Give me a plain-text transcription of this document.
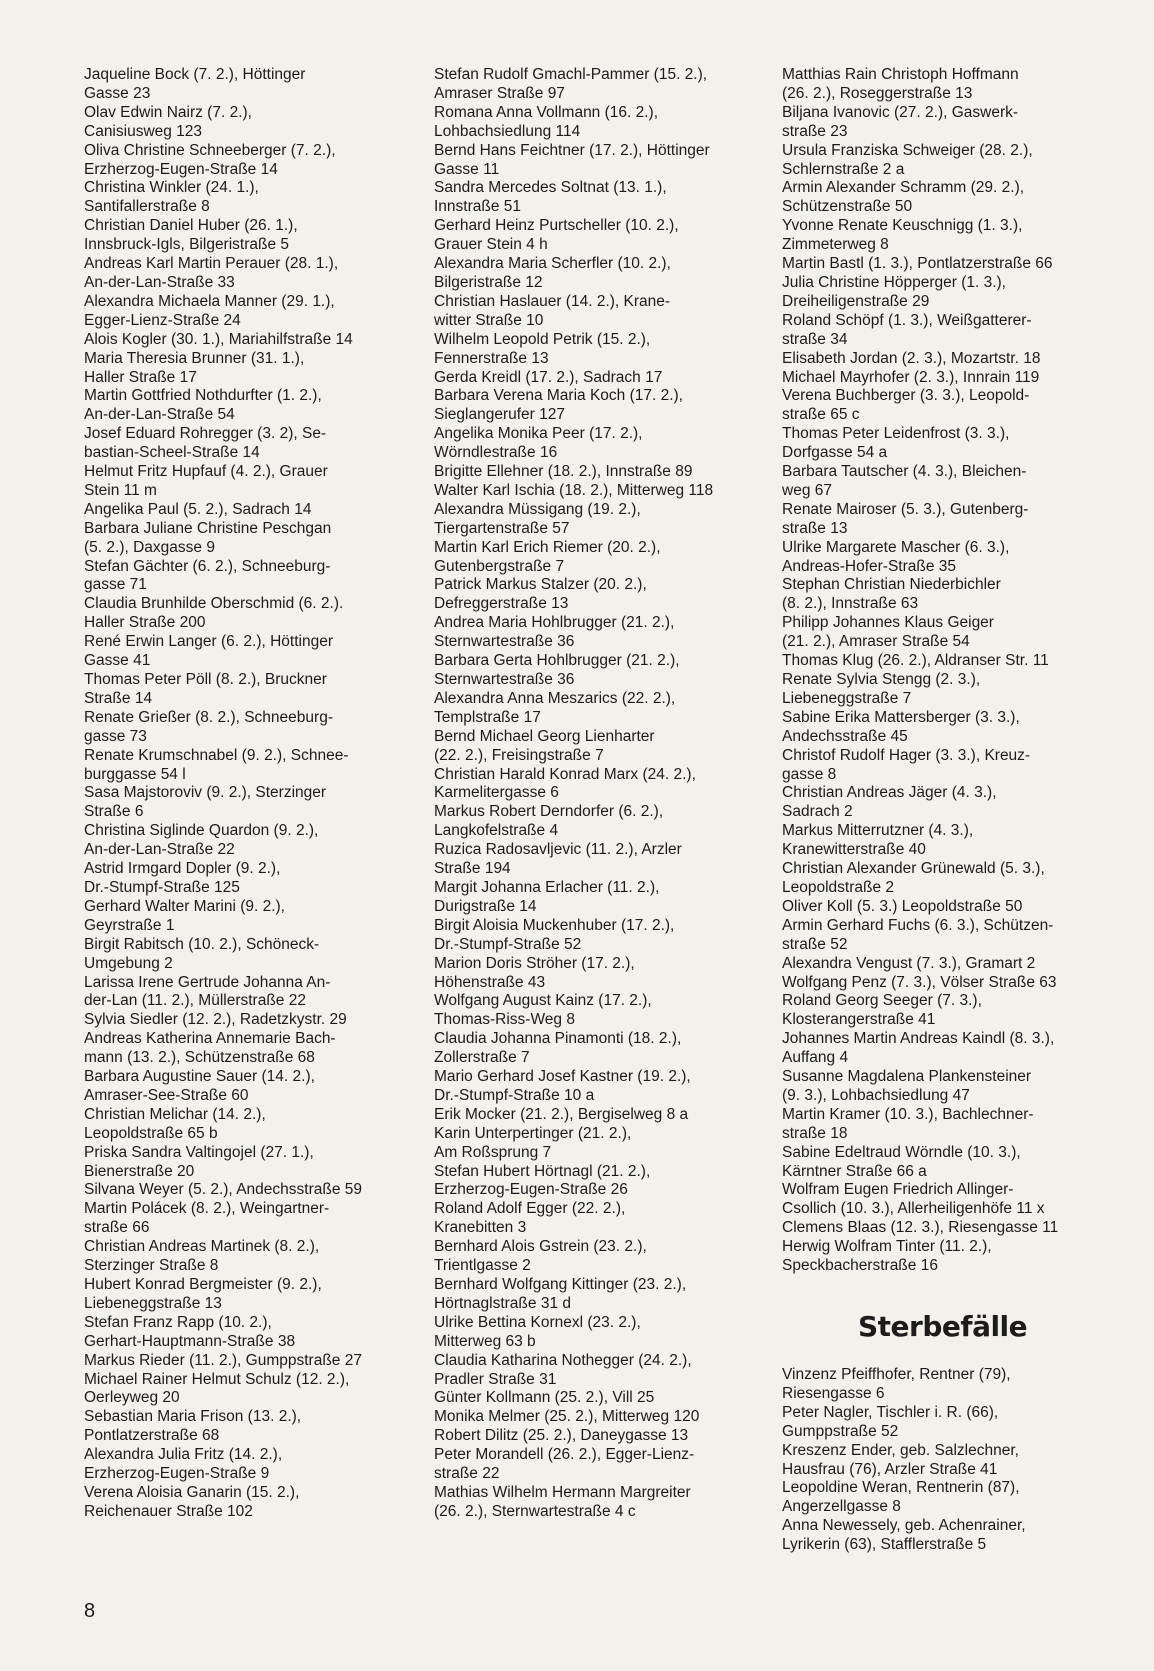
Jaqueline Bock (7. 2.), Höttinger
Gasse 23
Olav Edwin Nairz (7. 2.),
Canisiusweg 123
Oliva Christine Schneeberger (7. 2.),
Erzherzog-Eugen-Straße 14
Christina Winkler (24. 1.),
Santifallerstraße 8
Christian Daniel Huber (26. 1.),
Innsbruck-Igls, Bilgeristraße 5
Andreas Karl Martin Perauer (28. 1.),
An-der-Lan-Straße 33
Alexandra Michaela Manner (29. 1.),
Egger-Lienz-Straße 24
Alois Kogler (30. 1.), Mariahilfstraße 14
Maria Theresia Brunner (31. 1.),
Haller Straße 17
Martin Gottfried Nothdurfter (1. 2.),
An-der-Lan-Straße 54
Josef Eduard Rohregger (3. 2), Se-
bastian-Scheel-Straße 14
Helmut Fritz Hupfauf (4. 2.), Grauer
Stein 11 m
Angelika Paul (5. 2.), Sadrach 14
Barbara Juliane Christine Peschgan
(5. 2.), Daxgasse 9
Stefan Gächter (6. 2.), Schneeburg-
gasse 71
Claudia Brunhilde Oberschmid (6. 2.).
Haller Straße 200
René Erwin Langer (6. 2.), Höttinger
Gasse 41
Thomas Peter Pöll (8. 2.), Bruckner
Straße 14
Renate Grießer (8. 2.), Schneeburg-
gasse 73
Renate Krumschnabel (9. 2.), Schnee-
burggasse 54 l
Sasa Majstoroviv (9. 2.), Sterzinger
Straße 6
Christina Siglinde Quardon (9. 2.),
An-der-Lan-Straße 22
Astrid Irmgard Dopler (9. 2.),
Dr.-Stumpf-Straße 125
Gerhard Walter Marini (9. 2.),
Geyrstraße 1
Birgit Rabitsch (10. 2.), Schöneck-
Umgebung 2
Larissa Irene Gertrude Johanna An-
der-Lan (11. 2.), Müllerstraße 22
Sylvia Siedler (12. 2.), Radetzkystr. 29
Andreas Katherina Annemarie Bach-
mann (13. 2.), Schützenstraße 68
Barbara Augustine Sauer (14. 2.),
Amraser-See-Straße 60
Christian Melichar (14. 2.),
Leopoldstraße 65 b
Priska Sandra Valtingojel (27. 1.),
Bienerstraße 20
Silvana Weyer (5. 2.), Andechsstraße 59
Martin Polácek (8. 2.), Weingartner-
straße 66
Christian Andreas Martinek (8. 2.),
Sterzinger Straße 8
Hubert Konrad Bergmeister (9. 2.),
Liebeneggstraße 13
Stefan Franz Rapp (10. 2.),
Gerhart-Hauptmann-Straße 38
Markus Rieder (11. 2.), Gumppstraße 27
Michael Rainer Helmut Schulz (12. 2.),
Oerleyweg 20
Sebastian Maria Frison (13. 2.),
Pontlatzerstraße 68
Alexandra Julia Fritz (14. 2.),
Erzherzog-Eugen-Straße 9
Verena Aloisia Ganarin (15. 2.),
Reichenauer Straße 102
Stefan Rudolf Gmachl-Pammer (15. 2.),
Amraser Straße 97
Romana Anna Vollmann (16. 2.),
Lohbachsiedlung 114
Bernd Hans Feichtner (17. 2.), Höttinger
Gasse 11
Sandra Mercedes Soltnat (13. 1.),
Innstraße 51
Gerhard Heinz Purtscheller (10. 2.),
Grauer Stein 4 h
Alexandra Maria Scherfler (10. 2.),
Bilgeristraße 12
Christian Haslauer (14. 2.), Krane-
witter Straße 10
Wilhelm Leopold Petrik (15. 2.),
Fennerstraße 13
Gerda Kreidl (17. 2.), Sadrach 17
Barbara Verena Maria Koch (17. 2.),
Sieglangerufer 127
Angelika Monika Peer (17. 2.),
Wörndlestraße 16
Brigitte Ellehner (18. 2.), Innstraße 89
Walter Karl Ischia (18. 2.), Mitterweg 118
Alexandra Müssigang (19. 2.),
Tiergartenstraße 57
Martin Karl Erich Riemer (20. 2.),
Gutenbergstraße 7
Patrick Markus Stalzer (20. 2.),
Defreggerstraße 13
Andrea Maria Hohlbrugger (21. 2.),
Sternwartestraße 36
Barbara Gerta Hohlbrugger (21. 2.),
Sternwartestraße 36
Alexandra Anna Meszarics (22. 2.),
Templstraße 17
Bernd Michael Georg Lienharter
(22. 2.), Freisingstraße 7
Christian Harald Konrad Marx (24. 2.),
Karmelitergasse 6
Markus Robert Derndorfer (6. 2.),
Langkofelstraße 4
Ruzica Radosavljevic (11. 2.), Arzler
Straße 194
Margit Johanna Erlacher (11. 2.),
Durigstraße 14
Birgit Aloisia Muckenhuber (17. 2.),
Dr.-Stumpf-Straße 52
Marion Doris Ströher (17. 2.),
Höhenstraße 43
Wolfgang August Kainz (17. 2.),
Thomas-Riss-Weg 8
Claudia Johanna Pinamonti (18. 2.),
Zollerstraße 7
Mario Gerhard Josef Kastner (19. 2.),
Dr.-Stumpf-Straße 10 a
Erik Mocker (21. 2.), Bergiselweg 8 a
Karin Unterpertinger (21. 2.),
Am Roßsprung 7
Stefan Hubert Hörtnagl (21. 2.),
Erzherzog-Eugen-Straße 26
Roland Adolf Egger (22. 2.),
Kranebitten 3
Bernhard Alois Gstrein (23. 2.),
Trientlgasse 2
Bernhard Wolfgang Kittinger (23. 2.),
Hörtnaglstraße 31 d
Ulrike Bettina Kornexl (23. 2.),
Mitterweg 63 b
Claudia Katharina Nothegger (24. 2.),
Pradler Straße 31
Günter Kollmann (25. 2.), Vill 25
Monika Melmer (25. 2.), Mitterweg 120
Robert Dilitz (25. 2.), Daneygasse 13
Peter Morandell (26. 2.), Egger-Lienz-
straße 22
Mathias Wilhelm Hermann Margreiter
(26. 2.), Sternwartestraße 4 c
Matthias Rain Christoph Hoffmann
(26. 2.), Roseggerstraße 13
Biljana Ivanovic (27. 2.), Gaswerk-
straße 23
Ursula Franziska Schweiger (28. 2.),
Schlernstraße 2 a
Armin Alexander Schramm (29. 2.),
Schützenstraße 50
Yvonne Renate Keuschnigg (1. 3.),
Zimmeterweg 8
Martin Bastl (1. 3.), Pontlatzerstraße 66
Julia Christine Höpperger (1. 3.),
Dreiheiligenstraße 29
Roland Schöpf (1. 3.), Weißgatterer-
straße 34
Elisabeth Jordan (2. 3.), Mozartstr. 18
Michael Mayrhofer (2. 3.), Innrain 119
Verena Buchberger (3. 3.), Leopold-
straße 65 c
Thomas Peter Leidenfrost (3. 3.),
Dorfgasse 54 a
Barbara Tautscher (4. 3.), Bleichen-
weg 67
Renate Mairoser (5. 3.), Gutenberg-
straße 13
Ulrike Margarete Mascher (6. 3.),
Andreas-Hofer-Straße 35
Stephan Christian Niederbichler
(8. 2.), Innstraße 63
Philipp Johannes Klaus Geiger
(21. 2.), Amraser Straße 54
Thomas Klug (26. 2.), Aldranser Str. 11
Renate Sylvia Stengg (2. 3.),
Liebeneggstraße 7
Sabine Erika Mattersberger (3. 3.),
Andechsstraße 45
Christof Rudolf Hager (3. 3.), Kreuz-
gasse 8
Christian Andreas Jäger (4. 3.),
Sadrach 2
Markus Mitterrutzner (4. 3.),
Kranewitterstraße 40
Christian Alexander Grünewald (5. 3.),
Leopoldstraße 2
Oliver Koll (5. 3.) Leopoldstraße 50
Armin Gerhard Fuchs (6. 3.), Schützen-
straße 52
Alexandra Vengust (7. 3.), Gramart 2
Wolfgang Penz (7. 3.), Völser Straße 63
Roland Georg Seeger (7. 3.),
Klosterangerstraße 41
Johannes Martin Andreas Kaindl (8. 3.),
Auffang 4
Susanne Magdalena Plankensteiner
(9. 3.), Lohbachsiedlung 47
Martin Kramer (10. 3.), Bachlechner-
straße 18
Sabine Edeltraud Wörndle (10. 3.),
Kärntner Straße 66 a
Wolfram Eugen Friedrich Allinger-
Csollich (10. 3.), Allerheiligenhöfe 11 x
Clemens Blaas (12. 3.), Riesengasse 11
Herwig Wolfram Tinter (11. 2.),
Speckbacherstraße 16
Sterbefälle
Vinzenz Pfeiffhofer, Rentner (79),
Riesengasse 6
Peter Nagler, Tischler i. R. (66),
Gumppstraße 52
Kreszenz Ender, geb. Salzlechner,
Hausfrau (76), Arzler Straße 41
Leopoldine Weran, Rentnerin (87),
Angerzellgasse 8
Anna Newessely, geb. Achenrainer,
Lyrikerin (63), Stafflerstraße 5
8
